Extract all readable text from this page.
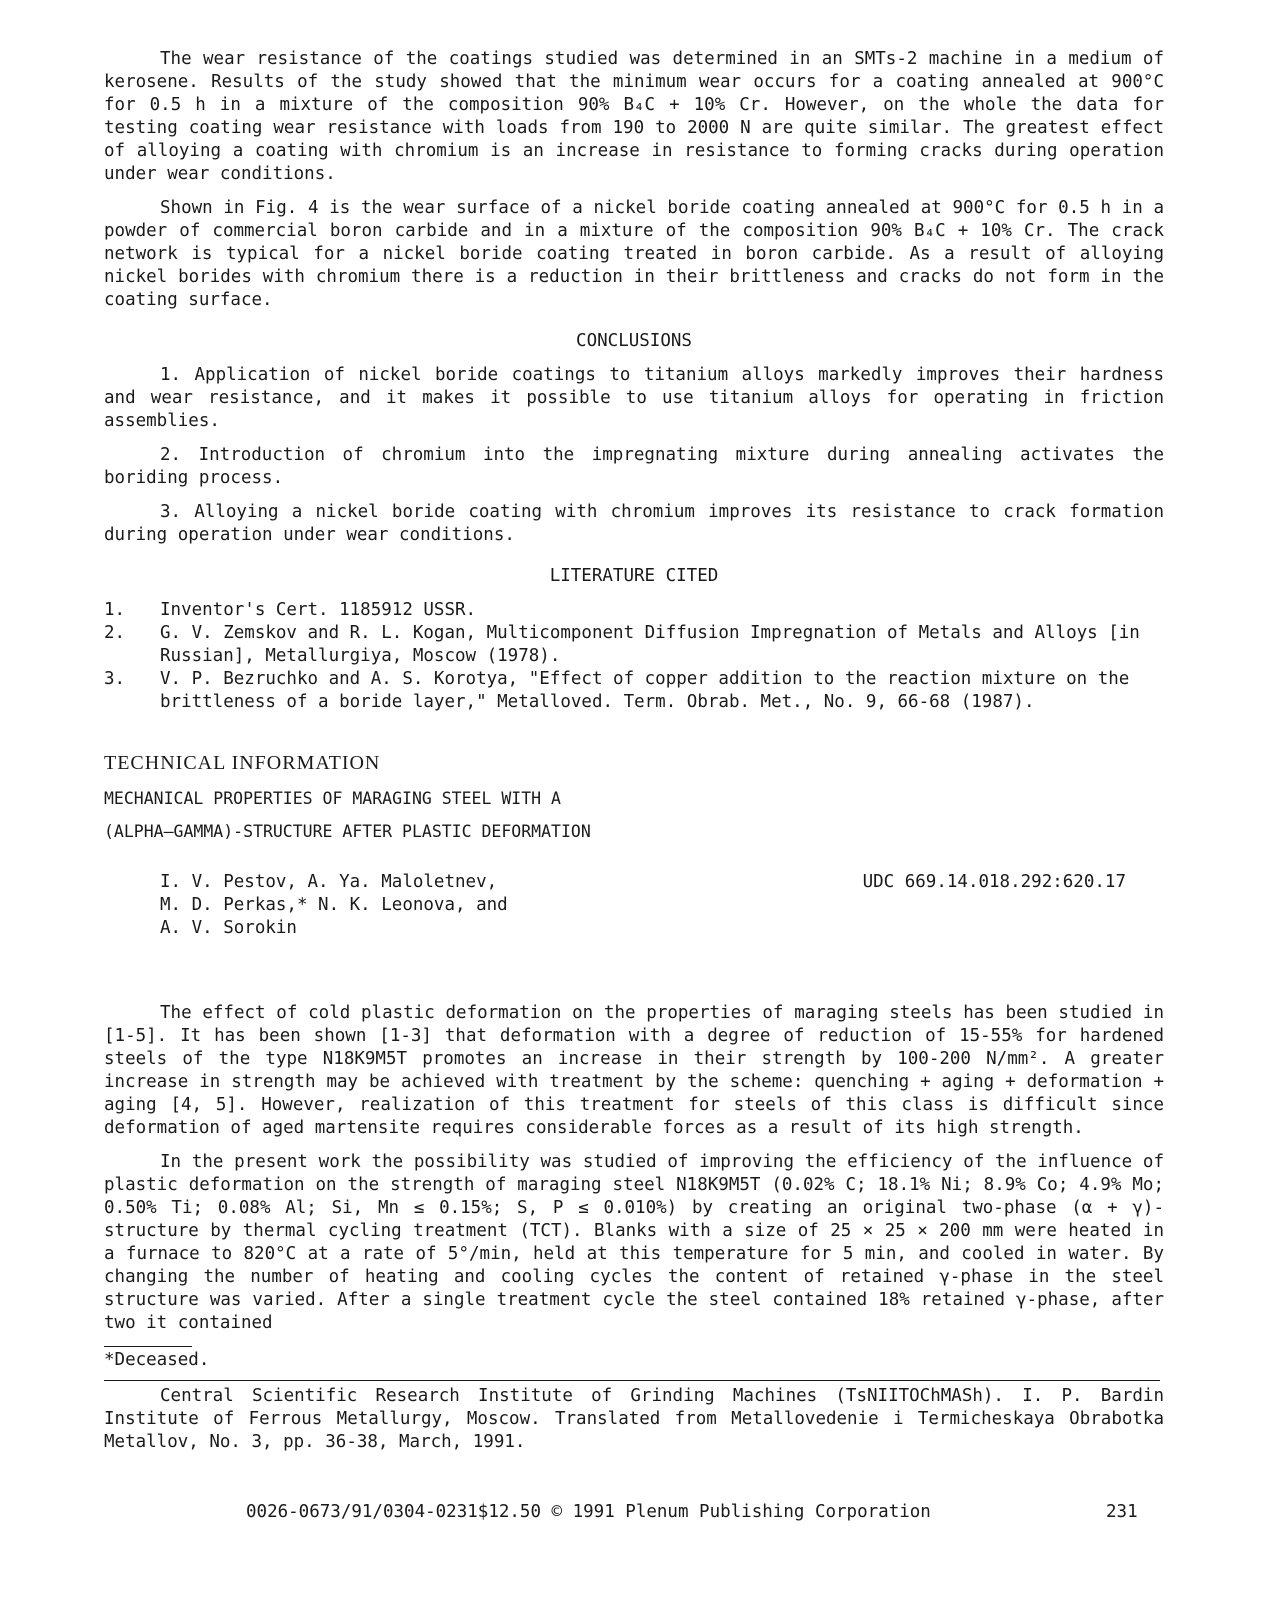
The wear resistance of the coatings studied was determined in an SMTs-2 machine in a medium of kerosene. Results of the study showed that the minimum wear occurs for a coating annealed at 900°C for 0.5 h in a mixture of the composition 90% B₄C + 10% Cr. However, on the whole the data for testing coating wear resistance with loads from 190 to 2000 N are quite similar. The greatest effect of alloying a coating with chromium is an increase in resistance to forming cracks during operation under wear conditions.

Shown in Fig. 4 is the wear surface of a nickel boride coating annealed at 900°C for 0.5 h in a powder of commercial boron carbide and in a mixture of the composition 90% B₄C + 10% Cr. The crack network is typical for a nickel boride coating treated in boron carbide. As a result of alloying nickel borides with chromium there is a reduction in their brittleness and cracks do not form in the coating surface.

CONCLUSIONS

1. Application of nickel boride coatings to titanium alloys markedly improves their hardness and wear resistance, and it makes it possible to use titanium alloys for operating in friction assemblies.

2. Introduction of chromium into the impregnating mixture during annealing activates the boriding process.

3. Alloying a nickel boride coating with chromium improves its resistance to crack formation during operation under wear conditions.

LITERATURE CITED
1.	Inventor's Cert. 1185912 USSR.
2.	G. V. Zemskov and R. L. Kogan, Multicomponent Diffusion Impregnation of Metals and Alloys [in Russian], Metallurgiya, Moscow (1978).
3.	V. P. Bezruchko and A. S. Korotya, "Effect of copper addition to the reaction mixture on the brittleness of a boride layer," Metalloved. Term. Obrab. Met., No. 9, 66-68 (1987).
TECHNICAL INFORMATION
MECHANICAL PROPERTIES OF MARAGING STEEL WITH A
(ALPHA—GAMMA)-STRUCTURE AFTER PLASTIC DEFORMATION
I. V. Pestov, A. Ya. Maloletnev,
M. D. Perkas,* N. K. Leonova, and
A. V. Sorokin
UDC 669.14.018.292:620.17

The effect of cold plastic deformation on the properties of maraging steels has been studied in [1-5]. It has been shown [1-3] that deformation with a degree of reduction of 15-55% for hardened steels of the type N18K9M5T promotes an increase in their strength by 100-200 N/mm². A greater increase in strength may be achieved with treatment by the scheme: quenching + aging + deformation + aging [4, 5]. However, realization of this treatment for steels of this class is difficult since deformation of aged martensite requires considerable forces as a result of its high strength.

In the present work the possibility was studied of improving the efficiency of the influence of plastic deformation on the strength of maraging steel N18K9M5T (0.02% C; 18.1% Ni; 8.9% Co; 4.9% Mo; 0.50% Ti; 0.08% Al; Si, Mn ≤ 0.15%; S, P ≤ 0.010%) by creating an original two-phase (α + γ)-structure by thermal cycling treatment (TCT). Blanks with a size of 25 × 25 × 200 mm were heated in a furnace to 820°C at a rate of 5°/min, held at this temperature for 5 min, and cooled in water. By changing the number of heating and cooling cycles the content of retained γ-phase in the steel structure was varied. After a single treatment cycle the steel contained 18% retained γ-phase, after two it contained

*Deceased.

Central Scientific Research Institute of Grinding Machines (TsNIITOChMASh). I. P. Bardin Institute of Ferrous Metallurgy, Moscow. Translated from Metallovedenie i Termicheskaya Obrabotka Metallov, No. 3, pp. 36-38, March, 1991.

0026-0673/91/0304-0231$12.50 © 1991 Plenum Publishing Corporation	231
